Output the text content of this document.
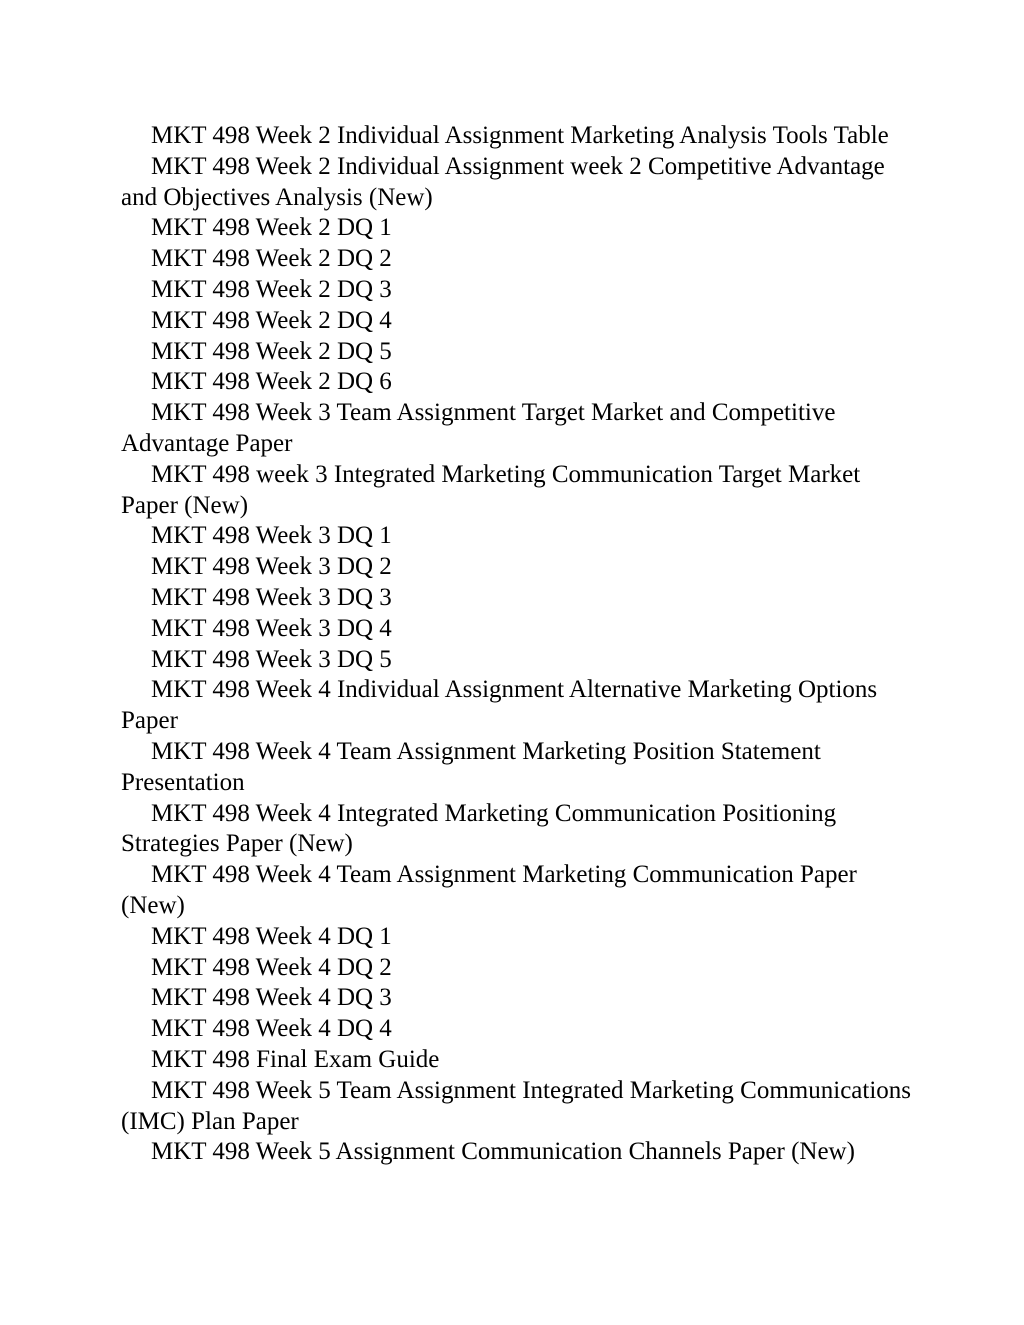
MKT 498 Week 2 Individual Assignment Marketing Analysis Tools Table

MKT 498 Week 2 Individual Assignment week 2 Competitive Advantage and Objectives Analysis (New)

MKT 498 Week 2 DQ 1

MKT 498 Week 2 DQ 2

MKT 498 Week 2 DQ 3

MKT 498 Week 2 DQ 4

MKT 498 Week 2 DQ 5

MKT 498 Week 2 DQ 6

MKT 498 Week 3 Team Assignment Target Market and Competitive Advantage Paper

MKT 498 week 3 Integrated Marketing Communication Target Market Paper (New)

MKT 498 Week 3 DQ 1

MKT 498 Week 3 DQ 2

MKT 498 Week 3 DQ 3

MKT 498 Week 3 DQ 4

MKT 498 Week 3 DQ 5

MKT 498 Week 4 Individual Assignment Alternative Marketing Options Paper

MKT 498 Week 4 Team Assignment Marketing Position Statement Presentation

MKT 498 Week 4 Integrated Marketing Communication Positioning Strategies Paper (New)

MKT 498 Week 4 Team Assignment Marketing Communication Paper (New)

MKT 498 Week 4 DQ 1

MKT 498 Week 4 DQ 2

MKT 498 Week 4 DQ 3

MKT 498 Week 4 DQ 4

MKT 498 Final Exam Guide

MKT 498 Week 5 Team Assignment Integrated Marketing Communications (IMC) Plan Paper

MKT 498 Week 5 Assignment Communication Channels Paper (New)
